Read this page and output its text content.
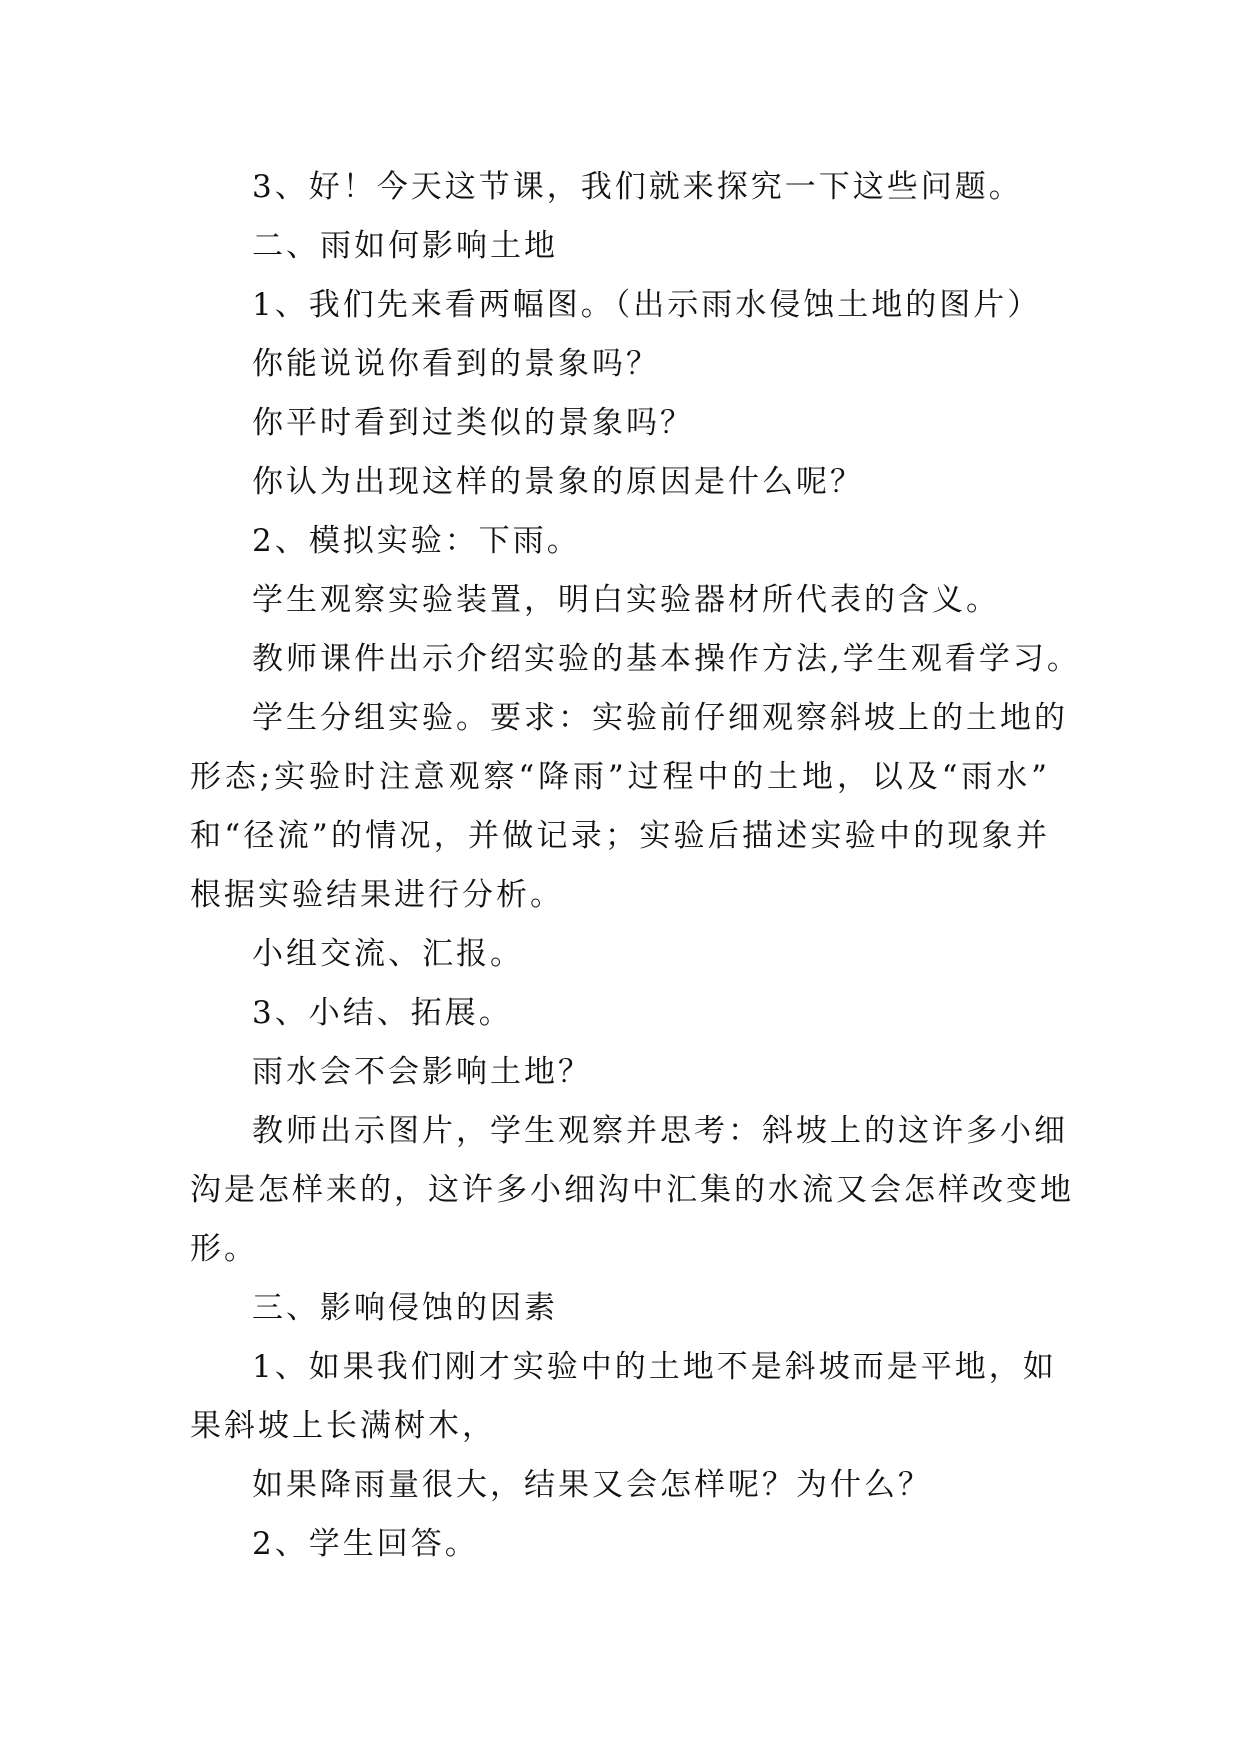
3、好！今天这节课，我们就来探究一下这些问题。
二、雨如何影响土地
1、我们先来看两幅图。（出示雨水侵蚀土地的图片）
你能说说你看到的景象吗？
你平时看到过类似的景象吗？
你认为出现这样的景象的原因是什么呢？
2、模拟实验：下雨。
学生观察实验装置，明白实验器材所代表的含义。
教师课件出示介绍实验的基本操作方法,学生观看学习。
学生分组实验。要求：实验前仔细观察斜坡上的土地的
形态;实验时注意观察“降雨”过程中的土地，以及“雨水”
和“径流”的情况，并做记录；实验后描述实验中的现象并
根据实验结果进行分析。
小组交流、汇报。
3、小结、拓展。
雨水会不会影响土地？
教师出示图片，学生观察并思考：斜坡上的这许多小细
沟是怎样来的，这许多小细沟中汇集的水流又会怎样改变地
形。
三、影响侵蚀的因素
1、如果我们刚才实验中的土地不是斜坡而是平地，如
果斜坡上长满树木，
如果降雨量很大，结果又会怎样呢？为什么？
2、学生回答。
